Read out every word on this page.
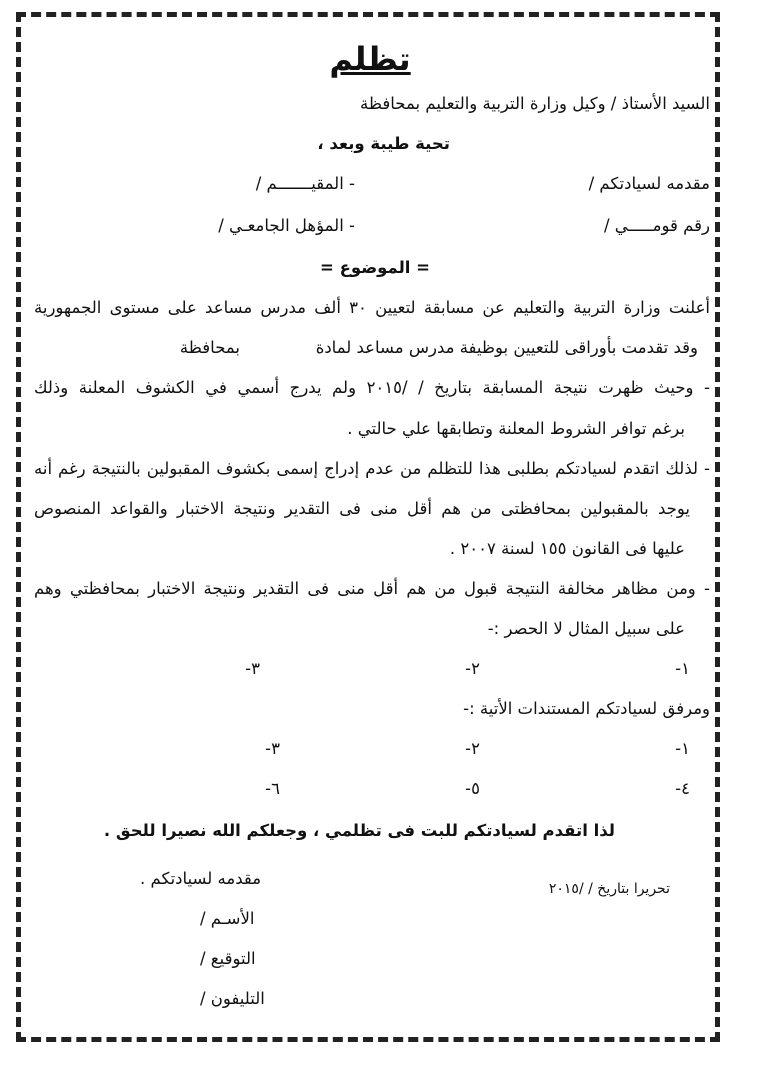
تظلم
السيد الأستاذ / وكيل وزارة التربية والتعليم بمحافظة
تحية طيبة وبعد ،
مقدمه لسيادتكم /
- المقيـــــــم /
رقم قومـــــي /
- المؤهل الجامعـي /
= الموضوع =
أعلنت وزارة التربية والتعليم عن مسابقة لتعيين ٣٠ ألف مدرس مساعد على مستوى الجمهورية
وقد تقدمت بأوراقى للتعيين بوظيفة مدرس مساعد لمادة
بمحافظة
- وحيث ظهرت نتيجة المسابقة بتاريخ / /٢٠١٥ ولم يدرج أسمي في الكشوف المعلنة وذلك
برغم توافر الشروط المعلنة وتطابقها علي حالتي .
- لذلك اتقدم لسيادتكم بطلبى هذا للتظلم من عدم إدراج إسمى بكشوف المقبولين بالنتيجة رغم أنه
يوجد بالمقبولين بمحافظتى من هم أقل منى فى التقدير ونتيجة الاختبار والقواعد المنصوص
عليها فى القانون ١٥٥ لسنة ٢٠٠٧ .
- ومن مظاهر مخالفة النتيجة قبول من هم أقل منى فى التقدير ونتيجة الاختبار بمحافظتي وهم
على سبيل المثال لا الحصر :-
١-
٢-
٣-
ومرفق لسيادتكم المستندات الأتية :-
١-
٢-
٣-
٤-
٥-
٦-
لذا اتقدم لسيادتكم للبت فى تظلمي ، وجعلكم الله نصيرا للحق .
مقدمه لسيادتكم .
تحريرا بتاريخ / /٢٠١٥
الأسـم /
التوقيع /
التليفون /
